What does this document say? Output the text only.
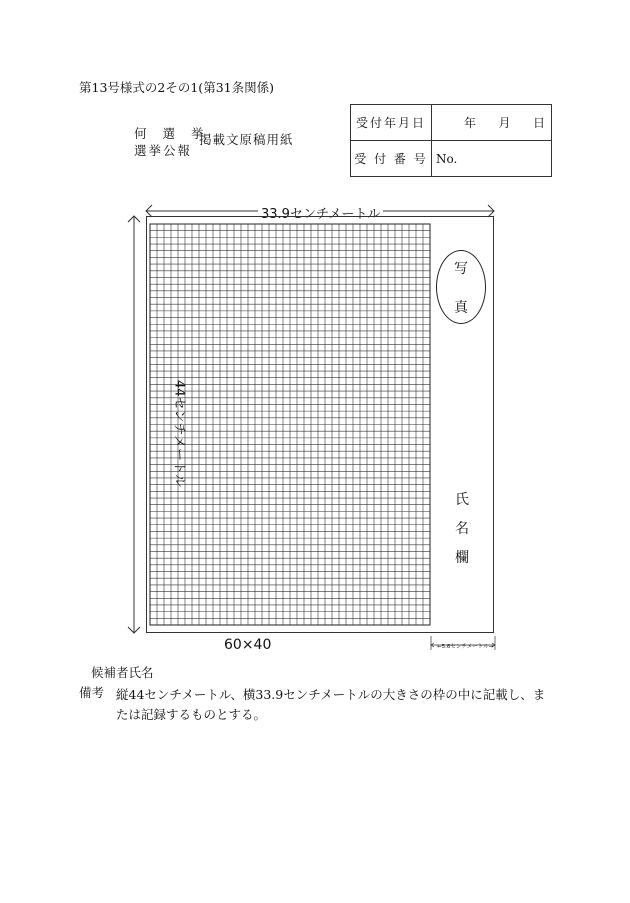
第13号様式の2その1(第31条関係)
何 選 挙
選挙公報
掲載文原稿用紙
受付年月日	年 月 日

受 付 番 号	No.
33.9センチメートル
44センチメートル
写
真
氏
名
欄
60×40	←5.6センチメートル→
候補者氏名
備考 縦44センチメートル、横33.9センチメートルの大きさの枠の中に記載し、または記録するものとする。
